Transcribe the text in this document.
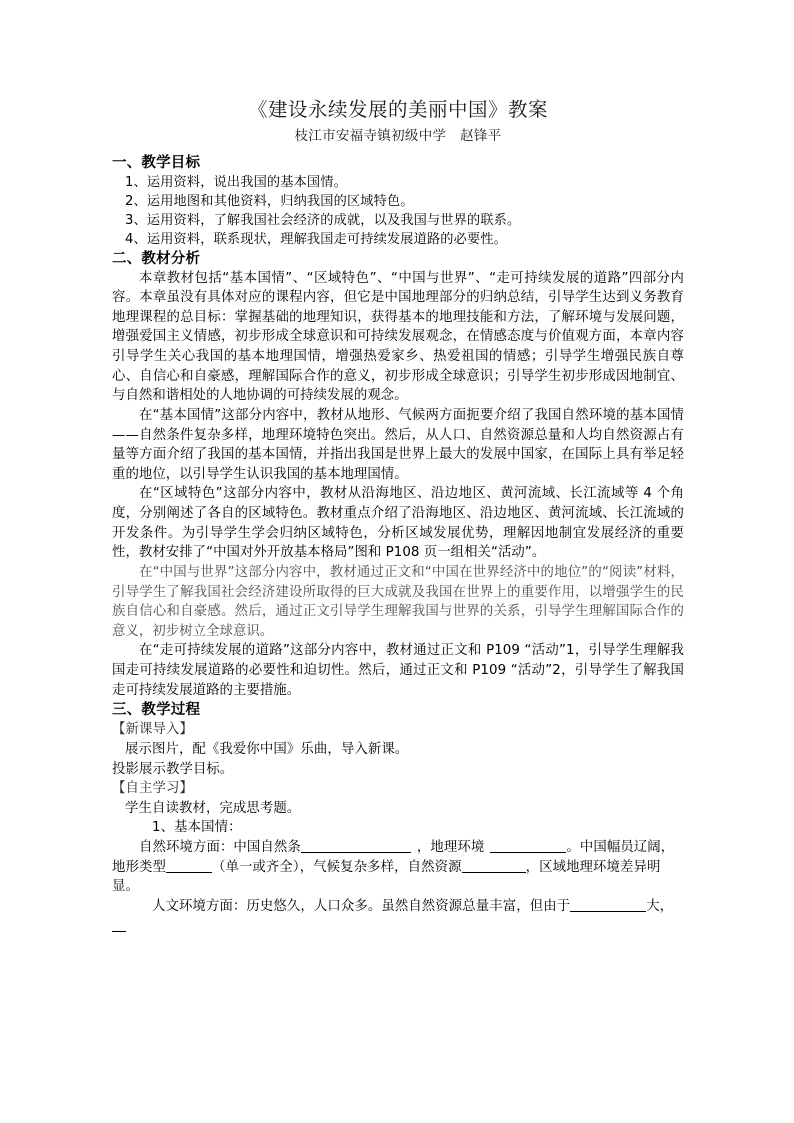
《建设永续发展的美丽中国》教案
枝江市安福寺镇初级中学　赵锋平
一、教学目标
1、运用资料，说出我国的基本国情。
2、运用地图和其他资料，归纳我国的区域特色。
3、运用资料，了解我国社会经济的成就，以及我国与世界的联系。
4、运用资料，联系现状，理解我国走可持续发展道路的必要性。
二、教材分析

本章教材包括“基本国情”、“区域特色”、“中国与世界”、“走可持续发展的道路”四部分内容。本章虽没有具体对应的课程内容，但它是中国地理部分的归纳总结，引导学生达到义务教育地理课程的总目标：掌握基础的地理知识，获得基本的地理技能和方法，了解环境与发展问题，增强爱国主义情感，初步形成全球意识和可持续发展观念，在情感态度与价值观方面，本章内容引导学生关心我国的基本地理国情，增强热爱家乡、热爱祖国的情感；引导学生增强民族自尊心、自信心和自豪感，理解国际合作的意义，初步形成全球意识；引导学生初步形成因地制宜、与自然和谐相处的人地协调的可持续发展的观念。

在“基本国情”这部分内容中，教材从地形、气候两方面扼要介绍了我国自然环境的基本国情——自然条件复杂多样，地理环境特色突出。然后，从人口、自然资源总量和人均自然资源占有量等方面介绍了我国的基本国情，并指出我国是世界上最大的发展中国家，在国际上具有举足轻重的地位，以引导学生认识我国的基本地理国情。

在“区域特色”这部分内容中，教材从沿海地区、沿边地区、黄河流域、长江流域等 4 个角度，分别阐述了各自的区域特色。教材重点介绍了沿海地区、沿边地区、黄河流域、长江流域的开发条件。为引导学生学会归纳区域特色，分析区域发展优势，理解因地制宜发展经济的重要性，教材安排了“中国对外开放基本格局”图和 P108 页一组相关“活动”。

在“中国与世界”这部分内容中，教材通过正文和“中国在世界经济中的地位”的“阅读”材料，引导学生了解我国社会经济建设所取得的巨大成就及我国在世界上的重要作用，以增强学生的民族自信心和自豪感。然后，通过正文引导学生理解我国与世界的关系，引导学生理解国际合作的意义，初步树立全球意识。

在“走可持续发展的道路”这部分内容中，教材通过正文和 P109 “活动”1，引导学生理解我国走可持续发展道路的必要性和迫切性。然后，通过正文和 P109 “活动”2，引导学生了解我国走可持续发展道路的主要措施。

三、教学过程
【新课导入】
展示图片，配《我爱你中国》乐曲，导入新课。
投影展示教学目标。
【自主学习】
学生自读教材，完成思考题。
1、基本国情：

自然环境方面：中国自然条	，地理环境	。中国幅员辽阔，地形类型	（单一或齐全），气候复杂多样，自然资源	，区域地理环境差异明显。

人文环境方面：历史悠久，人口众多。虽然自然资源总量丰富，但由于	大，
